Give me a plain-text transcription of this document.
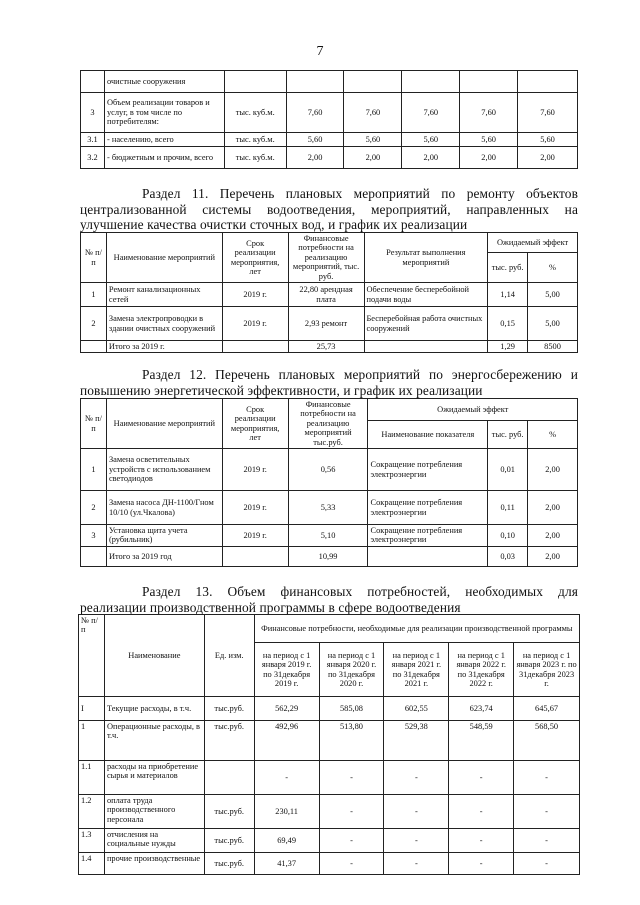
7
	очистные сооружения						
3	Объем реализации товаров и услуг, в том числе по потребителям:	тыс. куб.м.	7,60	7,60	7,60	7,60	7,60
3.1	- населению, всего	тыс. куб.м.	5,60	5,60	5,60	5,60	5,60
3.2	- бюджетным и прочим, всего	тыс. куб.м.	2,00	2,00	2,00	2,00	2,00
Раздел 11. Перечень плановых мероприятий по ремонту объектов
централизованной системы водоотведения, мероприятий, направленных на улучшение качества очистки сточных вод, и график их реализации
№ п/п	Наименование мероприятий	Срок реализации мероприятия, лет	Финансовые потребности на реализацию мероприятий, тыс. руб.	Результат выполнения мероприятий	Ожидаемый эффект	
					тыс. руб.	%
1	Ремонт канализационных сетей	2019 г.	22,80 арендная плата	Обеспечение бесперебойной подачи воды	1,14	5,00
2	Замена электропроводки в здании очистных сооружений	2019 г.	2,93 ремонт	Бесперебойная работа очистных сооружений	0,15	5,00
	Итого за 2019 г.		25,73		1,29	8500
Раздел 12. Перечень плановых мероприятий по энергосбережению и
повышению энергетической эффективности, и график их реализации
№ п/п	Наименование мероприятий	Срок реализации мероприятия, лет	Финансовые потребности на реализацию мероприятий тыс.руб.	Ожидаемый эффект		
				Наименование показателя	тыс. руб.	%
1	Замена осветительных устройств с использованием светодиодов	2019 г.	0,56	Сокращение потребления электроэнергии	0,01	2,00
2	Замена насоса ДН-1100/Гном 10/10 (ул.Чкалова)	2019 г.	5,33	Сокращение потребления электроэнергии	0,11	2,00
3	Установка щита учета (рубильник)	2019 г.	5,10	Сокращение потребления электроэнергии	0,10	2,00
	Итого за 2019 год		10,99		0,03	2,00
Раздел 13. Объем финансовых потребностей, необходимых для
реализации производственной программы в сфере водоотведения
№ п/п	Наименование	Ед. изм.	Финансовые потребности, необходимые для реализации производственной программы				
			на период с 1 января 2019 г. по 31декабря 2019 г.	на период с 1 января 2020 г. по 31декабря 2020 г.	на период с 1 января 2021 г. по 31декабря 2021 г.	на период с 1 января 2022 г. по 31декабря 2022 г.	на период с 1 января 2023 г. по 31декабря 2023 г.
I	Текущие расходы, в т.ч.	тыс.руб.	562,29	585,08	602,55	623,74	645,67
1	Операционные расходы, в т.ч.	тыс.руб.	492,96	513,80	529,38	548,59	568,50
1.1	расходы на приобретение сырья и материалов		-	-	-	-	-
1.2	оплата труда производственного персонала	тыс.руб.	230,11	-	-	-	-
1.3	отчисления на социальные нужды	тыс.руб.	69,49	-	-	-	-
1.4	прочие производственные	тыс.руб.	41,37	-	-	-	-
